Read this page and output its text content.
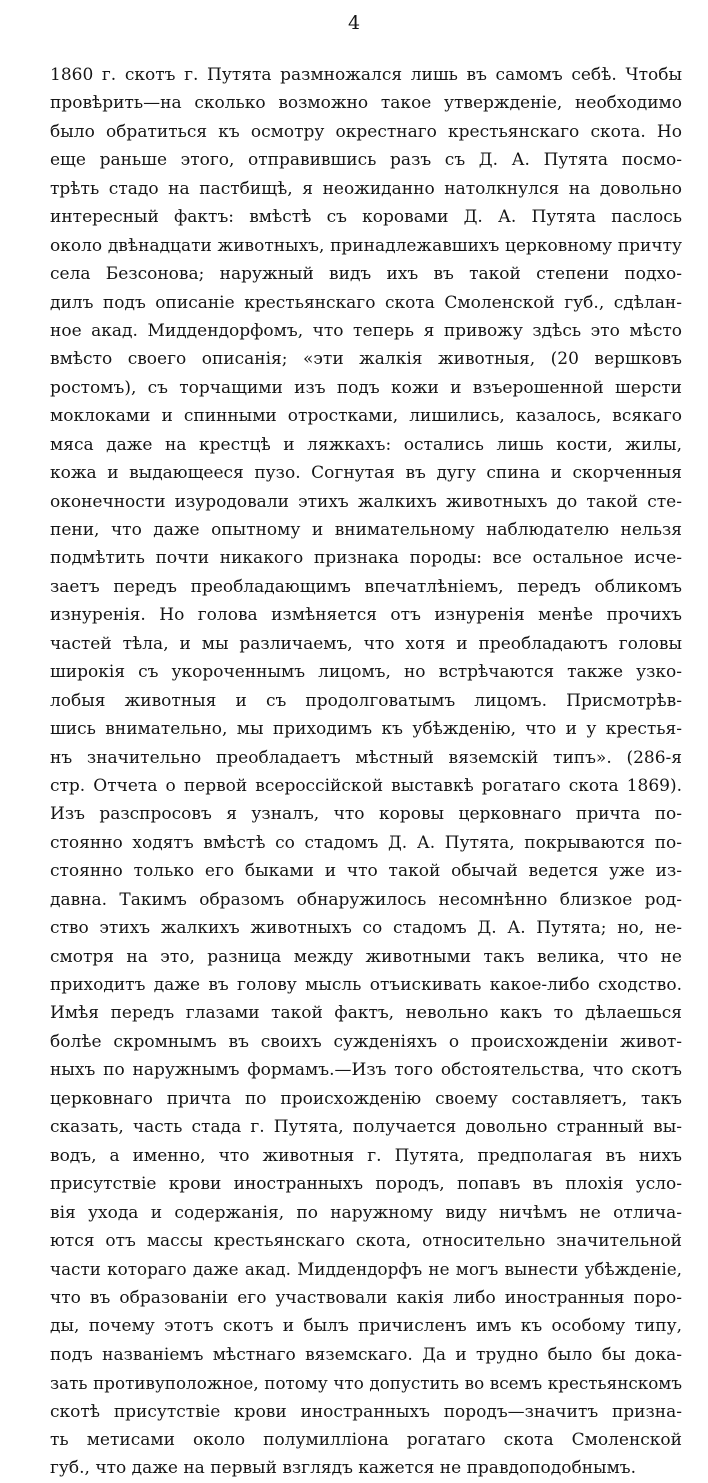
4
1860 г. скотъ г. Путята размножался лишь въ самомъ себѣ. Чтобы
провѣрить—на сколько возможно такое утвержденіе, необходимо
было обратиться къ осмотру окрестнаго крестьянскаго скота. Но
еще раньше этого, отправившись разъ съ Д. А. Путята посмо-
трѣть стадо на пастбищѣ, я неожиданно натолкнулся на довольно
интересный фактъ: вмѣстѣ съ коровами Д. А. Путята паслось
около двѣнадцати животныхъ, принадлежавшихъ церковному причту
села Безсонова; наружный видъ ихъ въ такой степени подхо-
дилъ подъ описаніе крестьянскаго скота Смоленской губ., сдѣлан-
ное акад. Миддендорфомъ, что теперь я привожу здѣсь это мѣсто
вмѣсто своего описанія; «эти жалкія животныя, (20 вершковъ
ростомъ), съ торчащими изъ подъ кожи и взъерошенной шерсти
моклоками и спинными отростками, лишились, казалось, всякаго
мяса даже на крестцѣ и ляжкахъ: остались лишь кости, жилы,
кожа и выдающееся пузо. Согнутая въ дугу спина и скорченныя
оконечности изуродовали этихъ жалкихъ животныхъ до такой сте-
пени, что даже опытному и внимательному наблюдателю нельзя
подмѣтить почти никакого признака породы: все остальное исче-
заетъ передъ преобладающимъ впечатлѣніемъ, передъ обликомъ
изнуренія. Но голова измѣняется отъ изнуренія менѣе прочихъ
частей тѣла, и мы различаемъ, что хотя и преобладаютъ головы
широкія съ укороченнымъ лицомъ, но встрѣчаются также узко-
лобыя животныя и съ продолговатымъ лицомъ. Присмотрѣв-
шись внимательно, мы приходимъ къ убѣжденію, что и у крестья-
нъ значительно преобладаетъ мѣстный вяземскій типъ». (286-я
стр. Отчета о первой всероссійской выставкѣ рогатаго скота 1869).
Изъ разспросовъ я узналъ, что коровы церковнаго причта по-
стоянно ходятъ вмѣстѣ со стадомъ Д. А. Путята, покрываются по-
стоянно только его быками и что такой обычай ведется уже из-
давна. Такимъ образомъ обнаружилось несомнѣнно близкое род-
ство этихъ жалкихъ животныхъ со стадомъ Д. А. Путята; но, не-
смотря на это, разница между животными такъ велика, что не
приходитъ даже въ голову мысль отъискивать какое-либо сходство.
Имѣя передъ глазами такой фактъ, невольно какъ то дѣлаешься
болѣе скромнымъ въ своихъ сужденіяхъ о происхожденіи живот-
ныхъ по наружнымъ формамъ.—Изъ того обстоятельства, что скотъ
церковнаго причта по происхожденію своему составляетъ, такъ
сказать, часть стада г. Путята, получается довольно странный вы-
водъ, а именно, что животныя г. Путята, предполагая въ нихъ
присутствіе крови иностранныхъ породъ, попавъ въ плохія усло-
вія ухода и содержанія, по наружному виду ничѣмъ не отлича-
ются отъ массы крестьянскаго скота, относительно значительной
части котораго даже акад. Миддендорфъ не могъ вынести убѣжденіе,
что въ образованіи его участвовали какія либо иностранныя поро-
ды, почему этотъ скотъ и былъ причисленъ имъ къ особому типу,
подъ названіемъ мѣстнаго вяземскаго. Да и трудно было бы дока-
зать противуположное, потому что допустить во всемъ крестьянскомъ
скотѣ присутствіе крови иностранныхъ породъ—значитъ призна-
ть метисами около полумилліона рогатаго скота Смоленской
губ., что даже на первый взглядъ кажется не правдоподобнымъ.
